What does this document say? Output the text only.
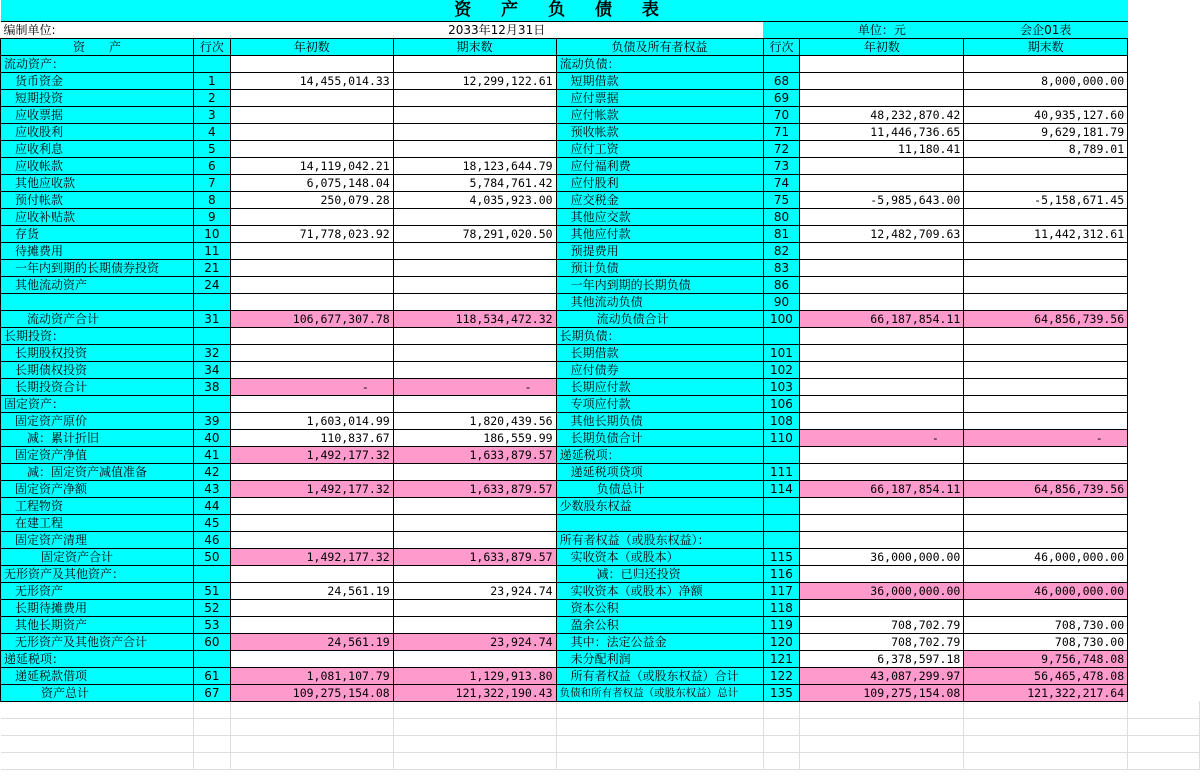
资 产 负 债 表								
编制单位:		2033年12月31日				单位：元	会企01表	
资　　产	行次	年初数	期末数	负债及所有者权益	行次	年初数	期末数	
流动资产：				流动负债：				
货币资金	1	14,455,014.33	12,299,122.61	短期借款	68		8,000,000.00	
短期投资	2			应付票据	69			
应收票据	3			应付帐款	70	48,232,870.42	40,935,127.60	
应收股利	4			预收帐款	71	11,446,736.65	9,629,181.79	
应收利息	5			应付工资	72	11,180.41	8,789.01	
应收帐款	6	14,119,042.21	18,123,644.79	应付福利费	73			
其他应收款	7	6,075,148.04	5,784,761.42	应付股利	74			
预付帐款	8	250,079.28	4,035,923.00	应交税金	75	-5,985,643.00	-5,158,671.45	
应收补贴款	9			其他应交款	80			
存货	10	71,778,023.92	78,291,020.50	其他应付款	81	12,482,709.63	11,442,312.61	
待摊费用	11			预提费用	82			
一年内到期的长期债券投资	21			预计负债	83			
其他流动资产	24			一年内到期的长期负债	86			
				其他流动负债	90			
流动资产合计	31	106,677,307.78	118,534,472.32	流动负债合计	100	66,187,854.11	64,856,739.56	
长期投资：				长期负债：				
长期股权投资	32			长期借款	101			
长期债权投资	34			应付债券	102			
长期投资合计	38	-	-	长期应付款	103			
固定资产：				专项应付款	106			
固定资产原价	39	1,603,014.99	1,820,439.56	其他长期负债	108			
减：累计折旧	40	110,837.67	186,559.99	长期负债合计	110	-	-	
固定资产净值	41	1,492,177.32	1,633,879.57	递延税项：				
减：固定资产减值准备	42			递延税项贷项	111			
固定资产净额	43	1,492,177.32	1,633,879.57	负债总计	114	66,187,854.11	64,856,739.56	
工程物资	44			少数股东权益				
在建工程	45							
固定资产清理	46			所有者权益（或股东权益）：				
固定资产合计	50	1,492,177.32	1,633,879.57	实收资本（或股本）	115	36,000,000.00	46,000,000.00	
无形资产及其他资产：				减：已归还投资	116			
无形资产	51	24,561.19	23,924.74	实收资本（或股本）净额	117	36,000,000.00	46,000,000.00	
长期待摊费用	52			资本公积	118			
其他长期资产	53			盈余公积	119	708,702.79	708,730.00	
无形资产及其他资产合计	60	24,561.19	23,924.74	其中：法定公益金	120	708,702.79	708,730.00	
递延税项：				未分配利润	121	6,378,597.18	9,756,748.08	
递延税款借项	61	1,081,107.79	1,129,913.80	所有者权益（或股东权益）合计	122	43,087,299.97	56,465,478.08	
资产总计	67	109,275,154.08	121,322,190.43	负债和所有者权益（或股东权益）总计	135	109,275,154.08	121,322,217.64	
